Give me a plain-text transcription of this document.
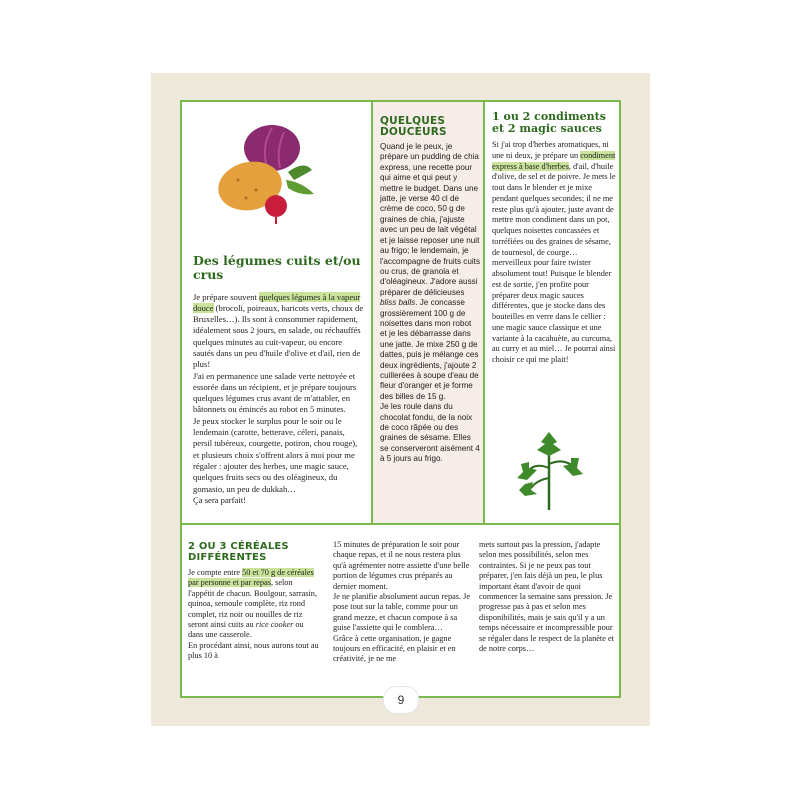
Des légumes cuits et/ou crus

Je prépare souvent quelques légumes à la vapeur douce (brocoli, poireaux, haricots verts, choux de Bruxelles…). Ils sont à consommer rapidement, idéalement sous 2 jours, en salade, ou réchauffés quelques minutes au cuit-vapeur, ou encore sautés dans un peu d'huile d'olive et d'ail, rien de plus!

J'ai en permanence une salade verte nettoyée et essorée dans un récipient, et je prépare toujours quelques légumes crus avant de m'attabler, en bâtonnets ou émincés au robot en 5 minutes.

Je peux stocker le surplus pour le soir ou le lendemain (carotte, betterave, céleri, panais, persil tubéreux, courgette, potiron, chou rouge), et plusieurs choix s'offrent alors à moi pour me régaler : ajouter des herbes, une magic sauce, quelques fruits secs ou des oléagineux, du gomasio, un peu de dukkah…

Ça sera parfait!

QUELQUES
DOUCEURS

Quand je le peux, je prépare un pudding de chia express, une recette pour qui aime et qui peut y mettre le budget. Dans une jatte, je verse 40 cl de crème de coco, 50 g de graines de chia, j'ajuste avec un peu de lait végétal et je laisse reposer une nuit au frigo; le lendemain, je l'accompagne de fruits cuits ou crus, de granola et d'oléagineux. J'adore aussi préparer de délicieuses bliss balls. Je concasse grossièrement 100 g de noisettes dans mon robot et je les débarrasse dans une jatte. Je mixe 250 g de dattes, puis je mélange ces deux ingrédients, j'ajoute 2 cuillerées à soupe d'eau de fleur d'oranger et je forme des billes de 15 g.

Je les roule dans du chocolat fondu, de la noix de coco râpée ou des graines de sésame. Elles se conserveront aisément 4 à 5 jours au frigo.

1 ou 2 condiments et 2 magic sauces

Si j'ai trop d'herbes aromatiques, ni une ni deux, je prépare un condiment express à base d'herbes, d'ail, d'huile d'olive, de sel et de poivre. Je mets le tout dans le blender et je mixe pendant quelques secondes; il ne me reste plus qu'à ajouter, juste avant de mettre mon condiment dans un pot, quelques noisettes concassées et torréfiées ou des graines de sésame, de tournesol, de courge… merveilleux pour faire twister absolument tout! Puisque le blender est de sortie, j'en profite pour préparer deux magic sauces différentes, que je stocke dans des bouteilles en verre dans le cellier : une magic sauce classique et une variante à la cacahuète, au curcuma, au curry et au miel… Je pourrai ainsi choisir ce qui me plait!

2 OU 3 CÉRÉALES
DIFFÉRENTES

Je compte entre 50 et 70 g de céréales par personne et par repas, selon l'appétit de chacun. Boulgour, sarrasin, quinoa, semoule complète, riz rond complet, riz noir ou nouilles de riz seront ainsi cuits au rice cooker ou dans une casserole.

En procédant ainsi, nous aurons tout au plus 10 à

15 minutes de préparation le soir pour chaque repas, et il ne nous restera plus qu'à agrémenter notre assiette d'une belle portion de légumes crus préparés au dernier moment.

Je ne planifie absolument aucun repas. Je pose tout sur la table, comme pour un grand mezze, et chacun compose à sa guise l'assiette qui le comblera…

Grâce à cette organisation, je gagne toujours en efficacité, en plaisir et en créativité, je ne me

mets surtout pas la pression, j'adapte selon mes possibilités, selon mes contraintes. Si je ne peux pas tout préparer, j'en fais déjà un peu, le plus important étant d'avoir de quoi commencer la semaine sans pression. Je progresse pas à pas et selon mes disponibilités, mais je sais qu'il y a un temps nécessaire et incompressible pour se régaler dans le respect de la planète et de notre corps…

9
